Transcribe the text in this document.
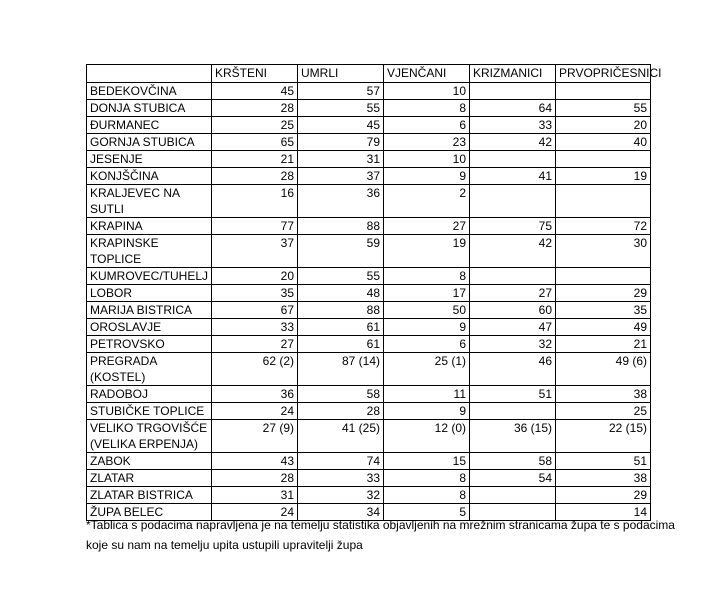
	KRŠTENI	UMRLI	VJENČANI	KRIZMANICI	PRVOPRIČESNICI
BEDEKOVČINA	45	57	10		
DONJA STUBICA	28	55	8	64	55
ĐURMANEC	25	45	6	33	20
GORNJA STUBICA	65	79	23	42	40
JESENJE	21	31	10		
KONJŠČINA	28	37	9	41	19
KRALJEVEC NA SUTLI	16	36	2		
KRAPINA	77	88	27	75	72
KRAPINSKE TOPLICE	37	59	19	42	30
KUMROVEC/TUHELJ	20	55	8		
LOBOR	35	48	17	27	29
MARIJA BISTRICA	67	88	50	60	35
OROSLAVJE	33	61	9	47	49
PETROVSKO	27	61	6	32	21
PREGRADA (KOSTEL)	62 (2)	87 (14)	25 (1)	46	49 (6)
RADOBOJ	36	58	11	51	38
STUBIČKE TOPLICE	24	28	9		25
VELIKO TRGOVIŠĆE (VELIKA ERPENJA)	27 (9)	41 (25)	12 (0)	36 (15)	22 (15)
ZABOK	43	74	15	58	51
ZLATAR	28	33	8	54	38
ZLATAR BISTRICA	31	32	8		29
ŽUPA BELEC	24	34	5		14
*Tablica s podacima napravljena je na temelju statistika objavljenih na mrežnim stranicama župa te s podacima koje su nam na temelju upita ustupili upravitelji župa
